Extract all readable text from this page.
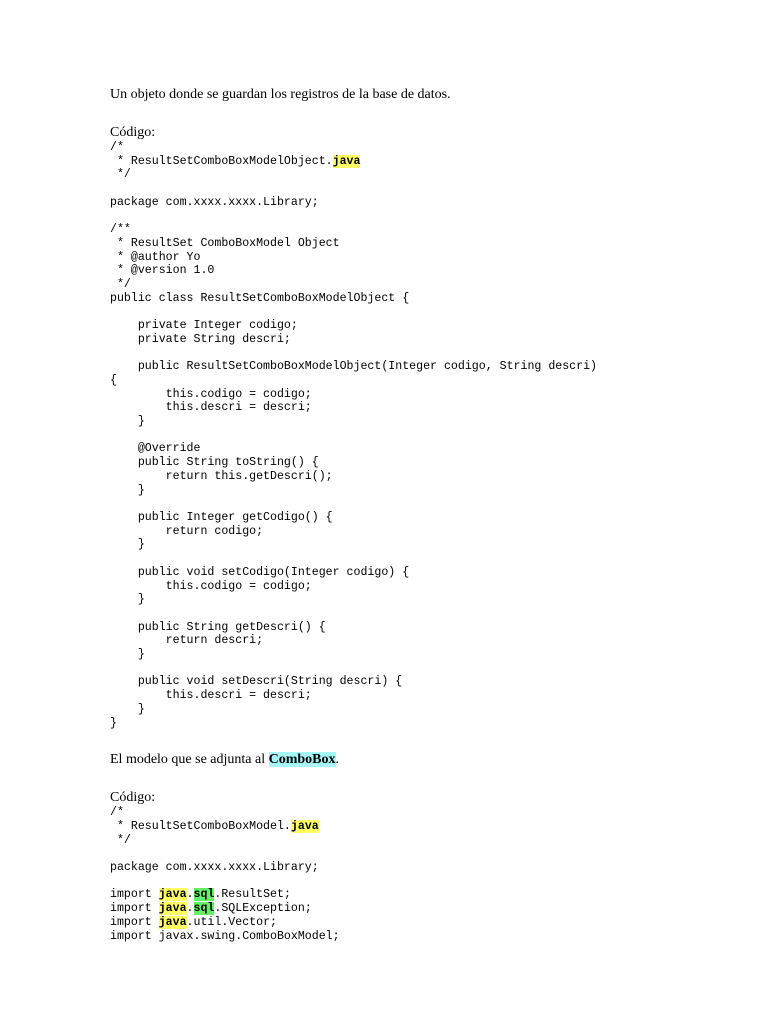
Un objeto donde se guardan los registros de la base de datos.

Código:

/*
* ResultSetComboBoxModelObject.java
*/

package com.xxxx.xxxx.Library;

/**
* ResultSet ComboBoxModel Object
* @author Yo
* @version 1.0
*/
public class ResultSetComboBoxModelObject {

private Integer codigo;
private String descri;

public ResultSetComboBoxModelObject(Integer codigo, String descri)
{
this.codigo = codigo;
this.descri = descri;
}

@Override
public String toString() {
return this.getDescri();
}

public Integer getCodigo() {
return codigo;
}

public void setCodigo(Integer codigo) {
this.codigo = codigo;
}

public String getDescri() {
return descri;
}

public void setDescri(String descri) {
this.descri = descri;
}
}

El modelo que se adjunta al ComboBox.

Código:

/*
* ResultSetComboBoxModel.java
*/

package com.xxxx.xxxx.Library;

import java.sql.ResultSet;
import java.sql.SQLException;
import java.util.Vector;
import javax.swing.ComboBoxModel;
